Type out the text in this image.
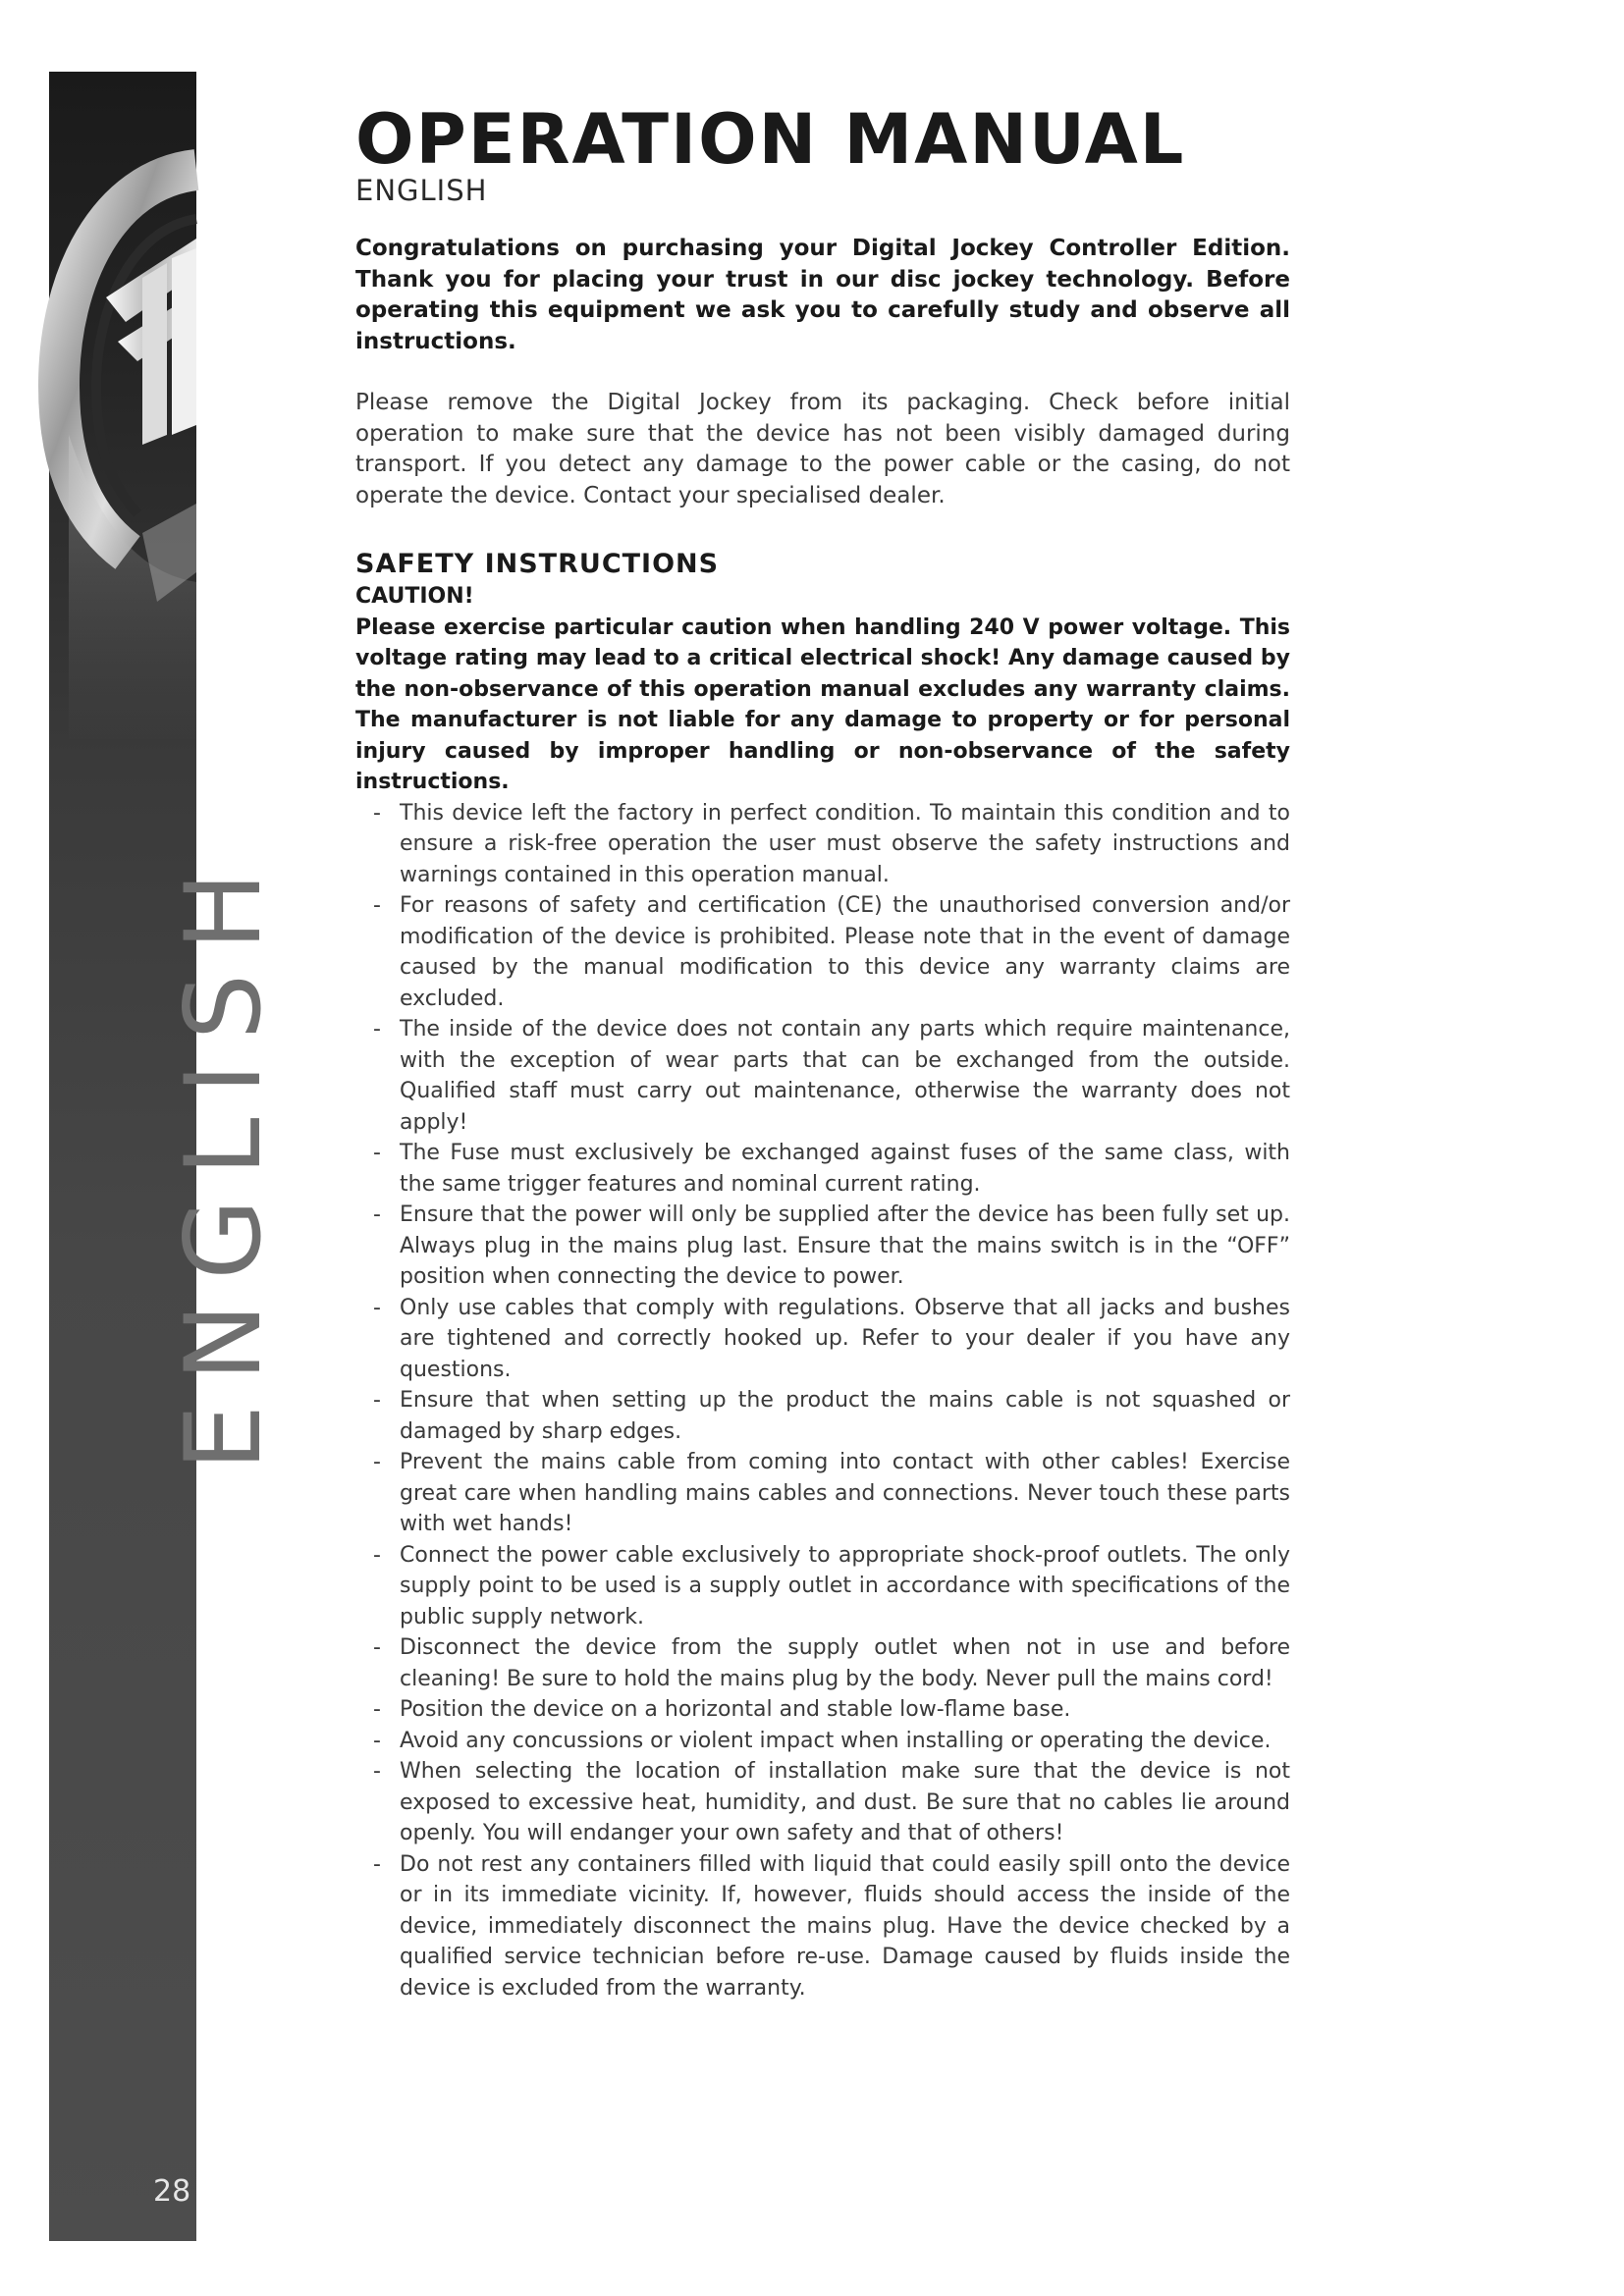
ENGLISH
28
OPERATION MANUAL
ENGLISH

Congratulations on purchasing your Digital Jockey Controller Edition. Thank you for placing your trust in our disc jockey technology. Before operating this equipment we ask you to carefully study and observe all instructions.

Please remove the Digital Jockey from its packaging. Check before initial operation to make sure that the device has not been visibly damaged during transport. If you detect any damage to the power cable or the casing, do not operate the device. Contact your specialised dealer.

SAFETY INSTRUCTIONS
CAUTION!

Please exercise particular caution when handling 240 V power voltage. This voltage rating may lead to a critical electrical shock! Any damage caused by the non-observance of this operation manual excludes any warranty claims. The manufacturer is not liable for any damage to property or for personal injury caused by improper handling or non-observance of the safety instructions.

- This device left the factory in perfect condition. To maintain this condition and to ensure a risk-free operation the user must observe the safety instructions and warnings contained in this operation manual.
- For reasons of safety and certification (CE) the unauthorised conversion and/or modification of the device is prohibited. Please note that in the event of damage caused by the manual modification to this device any warranty claims are excluded.
- The inside of the device does not contain any parts which require maintenance, with the exception of wear parts that can be exchanged from the outside. Qualified staff must carry out maintenance, otherwise the warranty does not apply!
- The Fuse must exclusively be exchanged against fuses of the same class, with the same trigger features and nominal current rating.
- Ensure that the power will only be supplied after the device has been fully set up. Always plug in the mains plug last. Ensure that the mains switch is in the “OFF” position when connecting the device to power.
- Only use cables that comply with regulations. Observe that all jacks and bushes are tightened and correctly hooked up. Refer to your dealer if you have any questions.
- Ensure that when setting up the product the mains cable is not squashed or damaged by sharp edges.
- Prevent the mains cable from coming into contact with other cables! Exercise great care when handling mains cables and connections. Never touch these parts with wet hands!
- Connect the power cable exclusively to appropriate shock-proof outlets. The only supply point to be used is a supply outlet in accordance with specifications of the public supply network.
- Disconnect the device from the supply outlet when not in use and before cleaning! Be sure to hold the mains plug by the body. Never pull the mains cord!
- Position the device on a horizontal and stable low-flame base.
- Avoid any concussions or violent impact when installing or operating the device.
- When selecting the location of installation make sure that the device is not exposed to excessive heat, humidity, and dust. Be sure that no cables lie around openly. You will endanger your own safety and that of others!
- Do not rest any containers filled with liquid that could easily spill onto the device or in its immediate vicinity. If, however, fluids should access the inside of the device, immediately disconnect the mains plug. Have the device checked by a qualified service technician before re-use. Damage caused by fluids inside the device is excluded from the warranty.
